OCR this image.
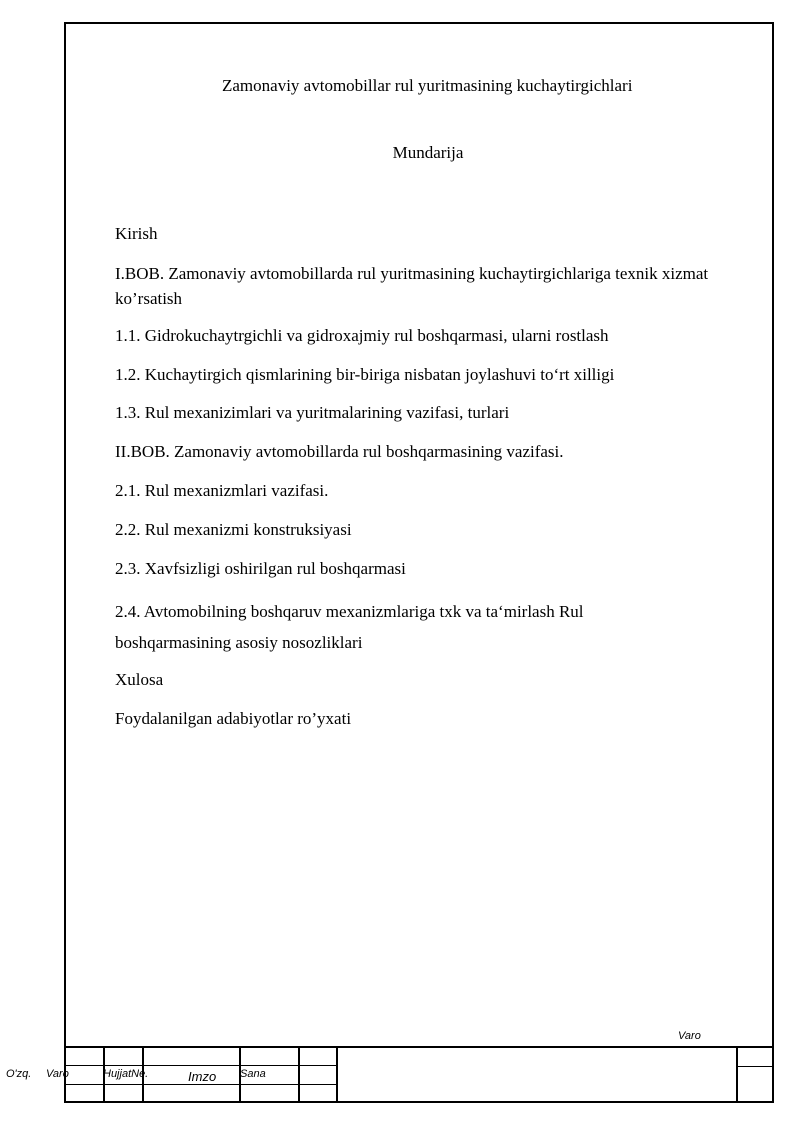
Zamonaviy avtomobillar rul yuritmasining kuchaytirgichlari
Mundarija
Kirish
I.BOB. Zamonaviy avtomobillarda rul yuritmasining kuchaytirgichlariga texnik xizmat ko’rsatish
1.1. Gidrokuchaytrgichli va gidroxajmiy rul boshqarmasi, ularni rostlash
1.2. Kuchaytirgich qismlarining bir-biriga nisbatan joylashuvi to‘rt xilligi
1.3. Rul mexanizimlari va yuritmalarining vazifasi, turlari
II.BOB. Zamonaviy avtomobillarda rul boshqarmasining vazifasi.
2.1. Rul mexanizmlari vazifasi.
2.2. Rul mexanizmi konstruksiyasi
2.3. Xavfsizligi oshirilgan rul boshqarmasi
2.4. Avtomobilning boshqaruv mexanizmlariga txk va ta‘mirlash Rul boshqarmasining asosiy nosozliklari
Xulosa
Foydalanilgan adabiyotlar ro’yxati
Varo
O'zq. Varo	HujjatNe.	Imzo Sana
